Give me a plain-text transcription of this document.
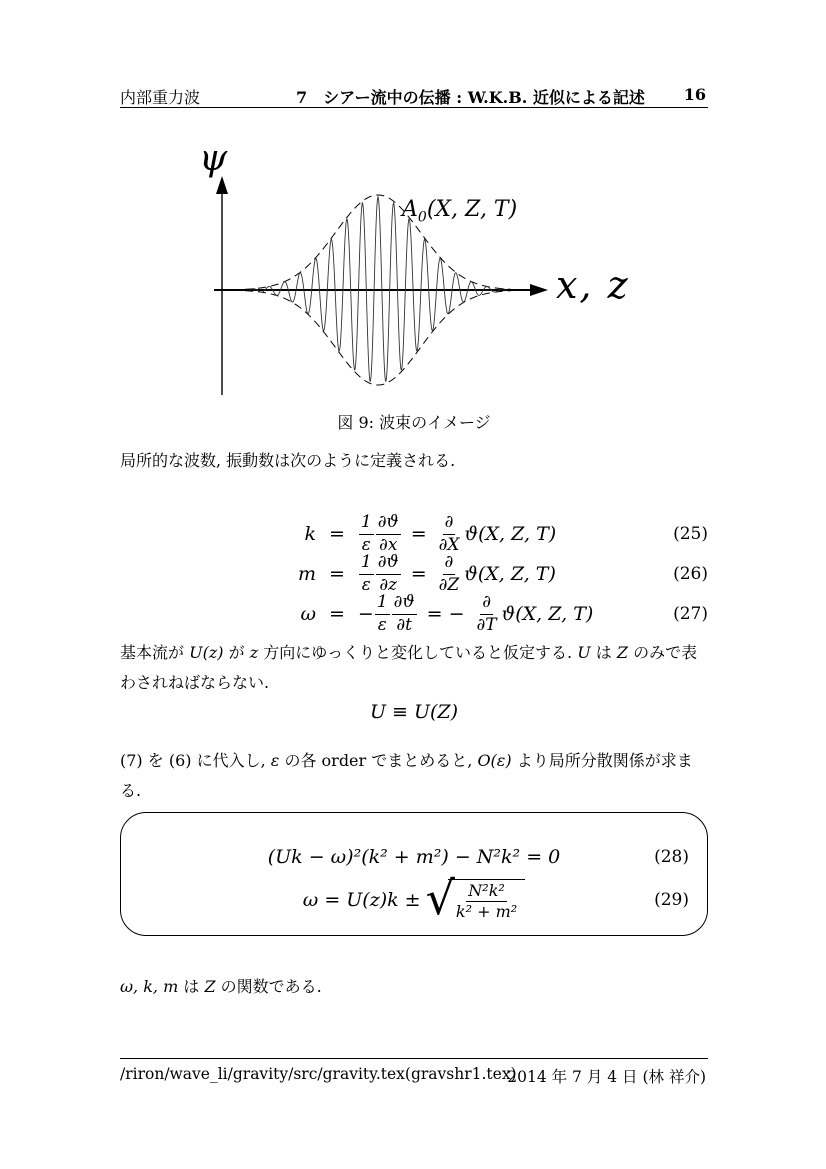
内部重力波	7 シアー流中の伝播 : W.K.B. 近似による記述 16
ψ
x, z
$A_0(X$, Z, T)
図 9: 波束のイメージ

局所的な波数, 振動数は次のように定義される.

$k = \frac{1}{\varepsilon} \frac{\partial ϑ}{\partial x} = \frac{\partial}{\partial X} ϑ(X$, Z, T)	(25)
$m = \frac{1}{\varepsilon} \frac{\partial ϑ}{\partial z} = \frac{\partial}{\partial Z} ϑ(X$, Z, T)	(26)
ω = − $\frac{1}{\varepsilon} \frac{\partial ϑ}{\partial t}$ = − $\frac{\partial}{\partial T} ϑ(X$, Z, T)	(27)

基本流が U(z) が z 方向にゆっくりと変化していると仮定する. U は Z のみで表わされねばならない.

U ≡ U(Z)

(7) を (6) に代入し, ε の各 order でまとめると, O(ε) より局所分散関係が求まる.

(Uk − ω)²(k² + m²) − N²k² = 0	(28)
ω = U(z)k ± √ $\frac{\text{N²k²}}{\text{k² + m²}}$	(29)

ω, k, m は Z の関数である.

/riron/wave_li/gravity/src/gravity.tex(gravshr1.tex)
2014 年 7 月 4 日 (林 祥介)
